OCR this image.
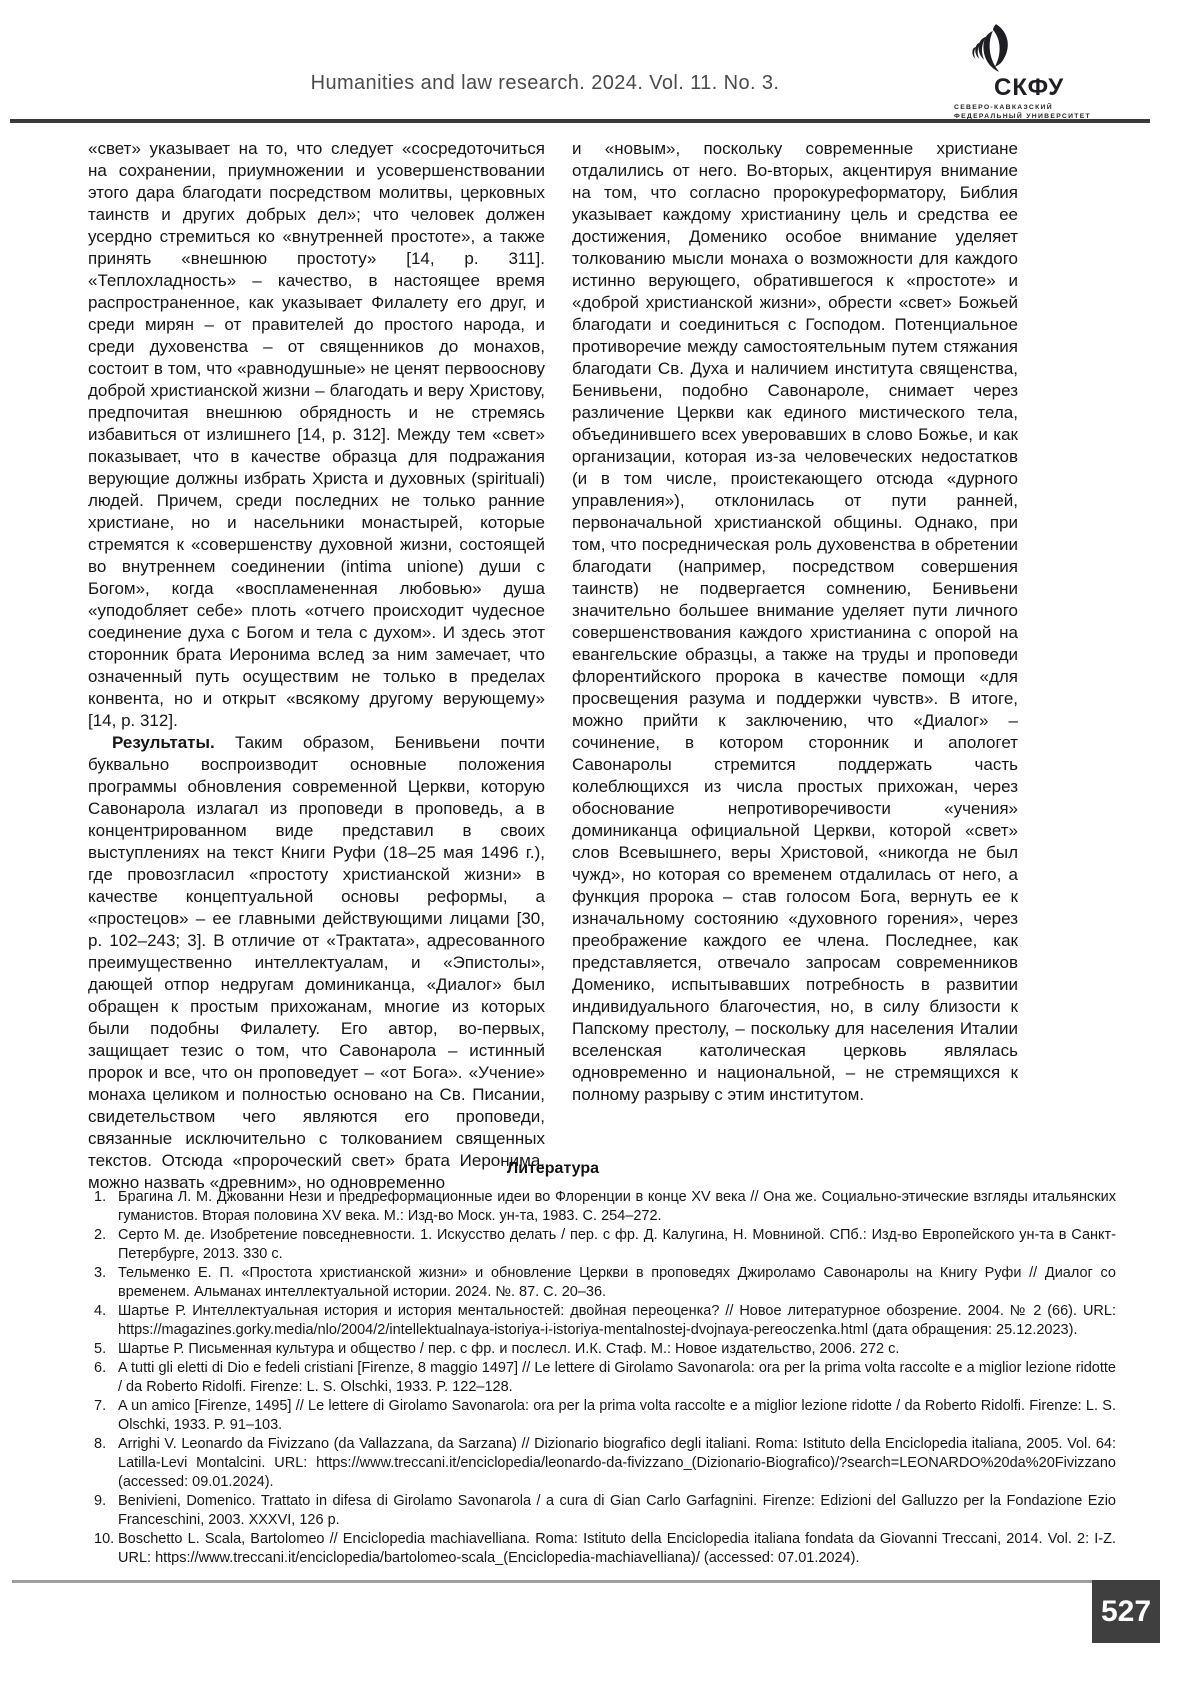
Humanities and law research. 2024. Vol. 11. No. 3.	СКФУ
СЕВЕРО-КАВКАЗСКИЙ
ФЕДЕРАЛЬНЫЙ УНИВЕРСИТЕТ

«свет» указывает на то, что следует «сосредоточиться на сохранении, приумножении и усовершенствовании этого дара благодати посредством молитвы, церковных таинств и других добрых дел»; что человек должен усердно стремиться ко «внутренней простоте», а также принять «внешнюю простоту» [14, p. 311]. «Теплохладность» – качество, в настоящее время распространенное, как указывает Филалету его друг, и среди мирян – от правителей до простого народа, и среди духовенства – от священников до монахов, состоит в том, что «равнодушные» не ценят первооснову доброй христианской жизни – благодать и веру Христову, предпочитая внешнюю обрядность и не стремясь избавиться от излишнего [14, p. 312]. Между тем «свет» показывает, что в качестве образца для подражания верующие должны избрать Христа и духовных (spirituali) людей. Причем, среди последних не только ранние христиане, но и насельники монастырей, которые стремятся к «совершенству духовной жизни, состоящей во внутреннем соединении (intima unione) души с Богом», когда «воспламененная любовью» душа «уподобляет себе» плоть «отчего происходит чудесное соединение духа с Богом и тела с духом». И здесь этот сторонник брата Иеронима вслед за ним замечает, что означенный путь осуществим не только в пределах конвента, но и открыт «всякому другому верующему» [14, p. 312].

Результаты. Таким образом, Бенивьени почти буквально воспроизводит основные положения программы обновления современной Церкви, которую Савонарола излагал из проповеди в проповедь, а в концентрированном виде представил в своих выступлениях на текст Книги Руфи (18–25 мая 1496 г.), где провозгласил «простоту христианской жизни» в качестве концептуальной основы реформы, а «простецов» – ее главными действующими лицами [30, p. 102–243; 3]. В отличие от «Трактата», адресованного преимущественно интеллектуалам, и «Эпистолы», дающей отпор недругам доминиканца, «Диалог» был обращен к простым прихожанам, многие из которых были подобны Филалету. Его автор, во-первых, защищает тезис о том, что Савонарола – истинный пророк и все, что он проповедует – «от Бога». «Учение» монаха целиком и полностью основано на Св. Писании, свидетельством чего являются его проповеди, связанные исключительно с толкованием священных текстов. Отсюда «пророческий свет» брата Иеронима, можно назвать «древним», но одновременно

и «новым», поскольку современные христиане отдалились от него. Во-вторых, акцентируя внимание на том, что согласно пророкуреформатору, Библия указывает каждому христианину цель и средства ее достижения, Доменико особое внимание уделяет толкованию мысли монаха о возможности для каждого истинно верующего, обратившегося к «простоте» и «доброй христианской жизни», обрести «свет» Божьей благодати и соединиться с Господом. Потенциальное противоречие между самостоятельным путем стяжания благодати Св. Духа и наличием института священства, Бенивьени, подобно Савонароле, снимает через различение Церкви как единого мистического тела, объединившего всех уверовавших в слово Божье, и как организации, которая из-за человеческих недостатков (и в том числе, проистекающего отсюда «дурного управления»), отклонилась от пути ранней, первоначальной христианской общины. Однако, при том, что посредническая роль духовенства в обретении благодати (например, посредством совершения таинств) не подвергается сомнению, Бенивьени значительно большее внимание уделяет пути личного совершенствования каждого христианина с опорой на евангельские образцы, а также на труды и проповеди флорентийского пророка в качестве помощи «для просвещения разума и поддержки чувств». В итоге, можно прийти к заключению, что «Диалог» – сочинение, в котором сторонник и апологет Савонаролы стремится поддержать часть колеблющихся из числа простых прихожан, через обоснование непротиворечивости «учения» доминиканца официальной Церкви, которой «свет» слов Всевышнего, веры Христовой, «никогда не был чужд», но которая со временем отдалилась от него, а функция пророка – став голосом Бога, вернуть ее к изначальному состоянию «духовного горения», через преображение каждого ее члена. Последнее, как представляется, отвечало запросам современников Доменико, испытывавших потребность в развитии индивидуального благочестия, но, в силу близости к Папскому престолу, – поскольку для населения Италии вселенская католическая церковь являлась одновременно и национальной, – не стремящихся к полному разрыву с этим институтом.

Литература
1. Брагина Л. М. Джованни Нези и предреформационные идеи во Флоренции в конце XV века // Она же. Социально-этические взгляды итальянских гуманистов. Вторая половина XV века. М.: Изд-во Моск. ун-та, 1983. С. 254–272.
2. Серто М. де. Изобретение повседневности. 1. Искусство делать / пер. с фр. Д. Калугина, Н. Мовниной. СПб.: Изд-во Европейского ун-та в Санкт-Петербурге, 2013. 330 с.
3. Тельменко Е. П. «Простота христианской жизни» и обновление Церкви в проповедях Джироламо Савонаролы на Книгу Руфи // Диалог со временем. Альманах интеллектуальной истории. 2024. №. 87. С. 20–36.
4. Шартье Р. Интеллектуальная история и история ментальностей: двойная переоценка? // Новое литературное обозрение. 2004. № 2 (66). URL: https://magazines.gorky.media/nlo/2004/2/intellektualnaya-istoriya-i-istoriya-mentalnostej-dvojnaya-pereoczenka.html (дата обращения: 25.12.2023).
5. Шартье Р. Письменная культура и общество / пер. с фр. и послесл. И.К. Стаф. М.: Новое издательство, 2006. 272 с.
6. A tutti gli eletti di Dio e fedeli cristiani [Firenze, 8 maggio 1497] // Le lettere di Girolamo Savonarola: ora per la prima volta raccolte e a miglior lezione ridotte / da Roberto Ridolfi. Firenze: L. S. Olschki, 1933. P. 122–128.
7. A un amico [Firenze, 1495] // Le lettere di Girolamo Savonarola: ora per la prima volta raccolte e a miglior lezione ridotte / da Roberto Ridolfi. Firenze: L. S. Olschki, 1933. P. 91–103.
8. Arrighi V. Leonardo da Fivizzano (da Vallazzana, da Sarzana) // Dizionario biografico degli italiani. Roma: Istituto della Enciclopedia italiana, 2005. Vol. 64: Latilla-Levi Montalcini. URL: https://www.treccani.it/enciclopedia/leonardo-da-fivizzano_(Dizionario-Biografico)/?search=LEONARDO%20da%20Fivizzano (accessed: 09.01.2024).
9. Benivieni, Domenico. Trattato in difesa di Girolamo Savonarola / a cura di Gian Carlo Garfagnini. Firenze: Edizioni del Galluzzo per la Fondazione Ezio Franceschini, 2003. XXXVI, 126 p.
10. Boschetto L. Scala, Bartolomeo // Enciclopedia machiavelliana. Roma: Istituto della Enciclopedia italiana fondata da Giovanni Treccani, 2014. Vol. 2: I-Z. URL: https://www.treccani.it/enciclopedia/bartolomeo-scala_(Enciclopedia-machiavelliana)/ (accessed: 07.01.2024).
527
